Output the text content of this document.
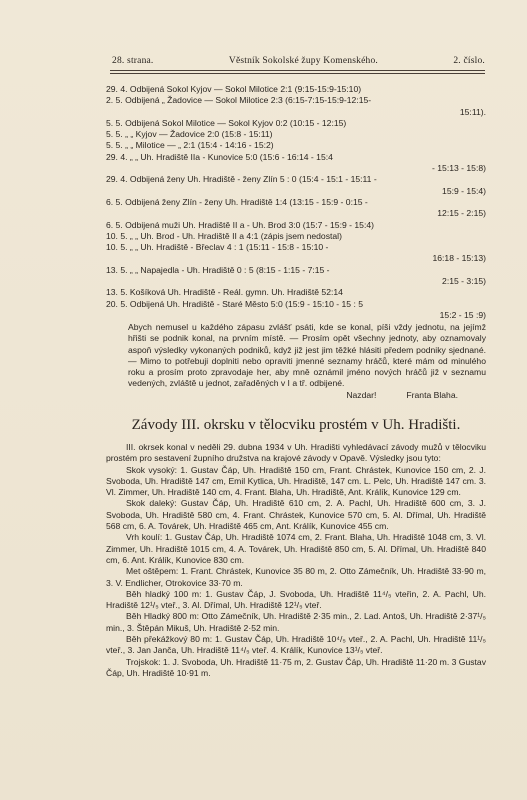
28. strana.	Věstník Sokolské župy Komenského.	2. číslo.
29. 4. Odbijená Sokol Kyjov — Sokol Milotice 2:1 (9:15-15:9-15:10)
2. 5. Odbijená „ Žadovice — Sokol Milotice 2:3 (6:15-7:15-15:9-12:15-
15:11).
5. 5. Odbijená Sokol Milotice — Sokol Kyjov 0:2 (10:15 - 12:15)
5. 5. „ „ Kyjov — Žadovice 2:0 (15:8 - 15:11)
5. 5. „ „ Milotice — „ 2:1 (15:4 - 14:16 - 15:2)
29. 4. „ „ Uh. Hradiště IIa - Kunovice 5:0 (15:6 - 16:14 - 15:4
- 15:13 - 15:8)
29. 4. Odbijená ženy Uh. Hradiště - ženy Zlín 5 : 0 (15:4 - 15:1 - 15:11 -
15:9 - 15:4)
6. 5. Odbijená ženy Zlín - ženy Uh. Hradiště 1:4 (13:15 - 15:9 - 0:15 -
12:15 - 2:15)
6. 5. Odbijená muži Uh. Hradiště II a - Uh. Brod 3:0 (15:7 - 15:9 - 15:4)
10. 5. „ „ Uh. Brod - Uh. Hradiště II a 4:1 (zápis jsem nedostal)
10. 5. „ „ Uh. Hradiště - Břeclav 4 : 1 (15:11 - 15:8 - 15:10 -
16:18 - 15:13)
13. 5. „ „ Napajedla - Uh. Hradiště 0 : 5 (8:15 - 1:15 - 7:15 -
2:15 - 3:15)
13. 5. Košíková Uh. Hradiště - Reál. gymn. Uh. Hradiště 52:14
20. 5. Odbijená Uh. Hradiště - Staré Město 5:0 (15:9 - 15:10 - 15 : 5
15:2 - 15 :9)
Abych nemusel u každého zápasu zvlášť psáti, kde se konal, píši vždy jednotu, na jejímž hřišti se podnik konal, na prvním místě. — Prosím opět všechny jednoty, aby oznamovaly aspoň výsledky vykonaných podniků, když již jest jim těžké hlásiti předem podniky sjednané. — Mimo to potřebuji doplniti nebo opraviti jmenné seznamy hráčů, které mám od minulého roku a prosím proto zpravodaje her, aby mně oznámil jméno nových hráčů již v seznamu vedených, zvláště u jednot, zařaděných v I a tř. odbijené.
Nazdar!	Franta Blaha.
Závody III. okrsku v tělocviku prostém v Uh. Hradišti.

III. okrsek konal v neděli 29. dubna 1934 v Uh. Hradišti vyhledávací závody mužů v tělocviku prostém pro sestavení župního družstva na krajové závody v Opavě. Výsledky jsou tyto:

Skok vysoký: 1. Gustav Čáp, Uh. Hradiště 150 cm, Frant. Chrástek, Kunovice 150 cm, 2. J. Svoboda, Uh. Hradiště 147 cm, Emil Kytlica, Uh. Hradiště, 147 cm. L. Pelc, Uh. Hradiště 147 cm. 3. Vl. Zimmer, Uh. Hradiště 140 cm, 4. Frant. Blaha, Uh. Hradiště, Ant. Králík, Kunovice 129 cm.

Skok daleký: Gustav Čáp, Uh. Hradiště 610 cm, 2. A. Pachl, Uh. Hradiště 600 cm, 3. J. Svoboda, Uh. Hradiště 580 cm, 4. Frant. Chrástek, Kunovice 570 cm, 5. Al. Dřímal, Uh. Hradiště 568 cm, 6. A. Továrek, Uh. Hradiště 465 cm, Ant. Králík, Kunovice 455 cm.

Vrh koulí: 1. Gustav Čáp, Uh. Hradiště 1074 cm, 2. Frant. Blaha, Uh. Hradiště 1048 cm, 3. Vl. Zimmer, Uh. Hradiště 1015 cm, 4. A. Továrek, Uh. Hradiště 850 cm, 5. Al. Dřímal, Uh. Hradiště 840 cm, 6. Ant. Králík, Kunovice 830 cm.

Met oštěpem: 1. Frant. Chrástek, Kunovice 35 80 m, 2. Otto Zámečník, Uh. Hradiště 33·90 m, 3. V. Endlicher, Otrokovice 33·70 m.

Běh hladký 100 m: 1. Gustav Čáp, J. Svoboda, Uh. Hradiště 11⁴/₅ vteřin, 2. A. Pachl, Uh. Hradiště 12¹/₅ vteř., 3. Al. Dřímal, Uh. Hradiště 12¹/₅ vteř.

Běh Hladký 800 m: Otto Zámečník, Uh. Hradiště 2·35 min., 2. Lad. Antoš, Uh. Hradiště 2·37¹/₅ min., 3. Štěpán Mikuš, Uh. Hradiště 2·52 min.

Běh překážkový 80 m: 1. Gustav Čáp, Uh. Hradiště 10⁴/₅ vteř., 2. A. Pachl, Uh. Hradiště 11¹/₅ vteř., 3. Jan Janča, Uh. Hradiště 11⁴/₅ vteř. 4. Králík, Kunovice 13¹/₅ vteř.

Trojskok: 1. J. Svoboda, Uh. Hradiště 11·75 m, 2. Gustav Čáp, Uh. Hradiště 11·20 m. 3 Gustav Čáp, Uh. Hradiště 10·91 m.
